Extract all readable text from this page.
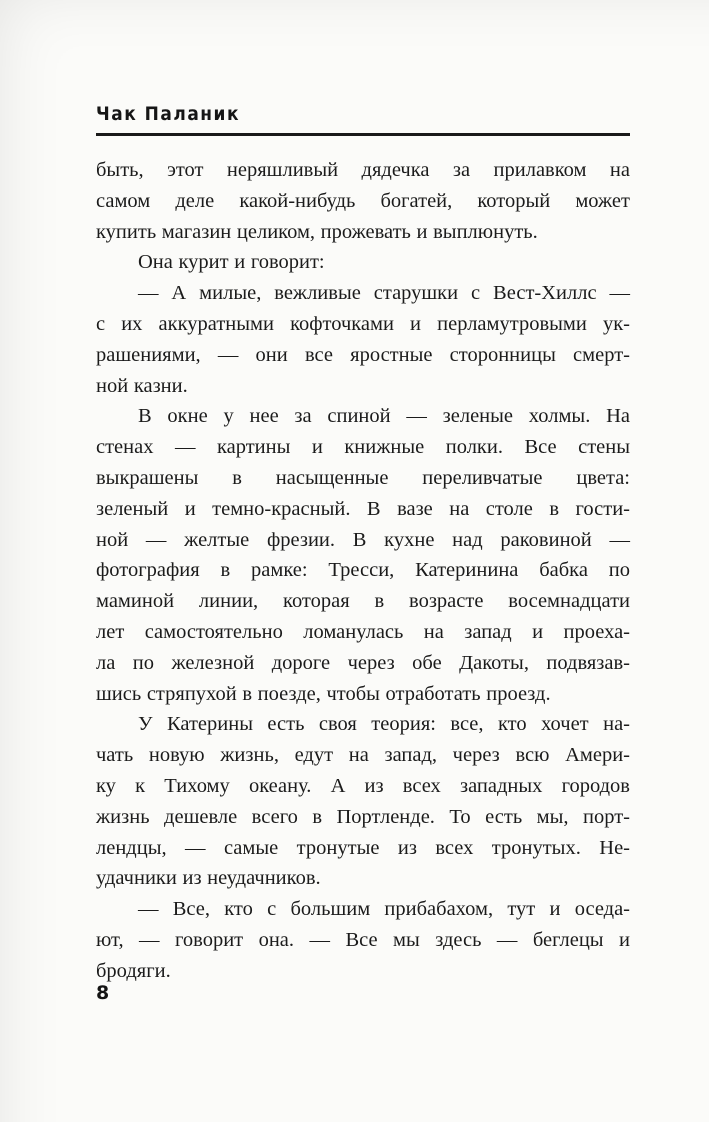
Чак Паланик
быть, этот неряшливый дядечка за прилавком на
самом деле какой-нибудь богатей, который может
купить магазин целиком, прожевать и выплюнуть.
Она курит и говорит:
— А милые, вежливые старушки с Вест-Хиллс —
с их аккуратными кофточками и перламутровыми ук-
рашениями, — они все яростные сторонницы смерт-
ной казни.
В окне у нее за спиной — зеленые холмы. На
стенах — картины и книжные полки. Все стены
выкрашены в насыщенные переливчатые цвета:
зеленый и темно-красный. В вазе на столе в гости-
ной — желтые фрезии. В кухне над раковиной —
фотография в рамке: Тресси, Катеринина бабка по
маминой линии, которая в возрасте восемнадцати
лет самостоятельно ломанулась на запад и проеха-
ла по железной дороге через обе Дакоты, подвязав-
шись стряпухой в поезде, чтобы отработать проезд.
У Катерины есть своя теория: все, кто хочет на-
чать новую жизнь, едут на запад, через всю Амери-
ку к Тихому океану. А из всех западных городов
жизнь дешевле всего в Портленде. То есть мы, порт-
лендцы, — самые тронутые из всех тронутых. Не-
удачники из неудачников.
— Все, кто с большим прибабахом, тут и оседа-
ют, — говорит она. — Все мы здесь — беглецы и
бродяги.
8
